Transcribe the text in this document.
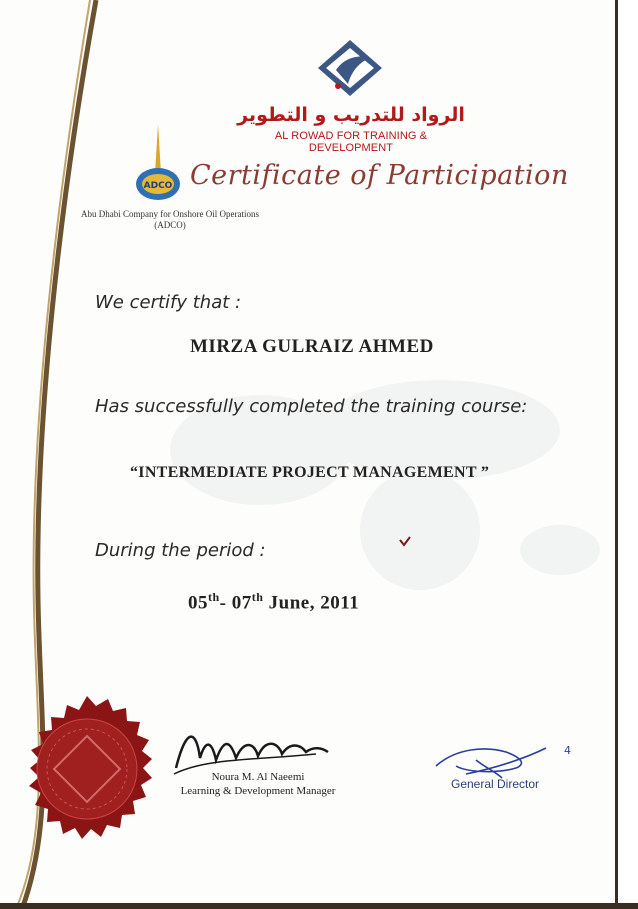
الرواد للتدريب و التطوير
AL ROWAD FOR TRAINING & DEVELOPMENT
ADCO Certificate of Participation
Abu Dhabi Company for Onshore Oil Operations
(ADCO)
We certify that :
MIRZA GULRAIZ AHMED
Has successfully completed the training course:
“INTERMEDIATE PROJECT MANAGEMENT ”
During the period :
05th- 07th June, 2011
Noura M. Al Naeemi
Learning & Development Manager
4
General Director
